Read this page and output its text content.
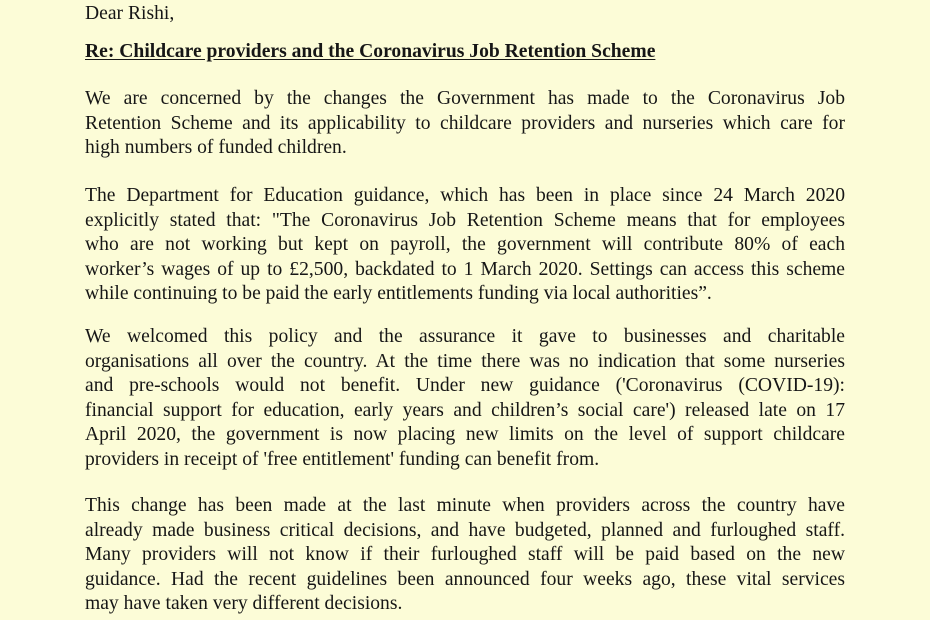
Dear Rishi,
Re: Childcare providers and the Coronavirus Job Retention Scheme

We are concerned by the changes the Government has made to the Coronavirus Job
Retention Scheme and its applicability to childcare providers and nurseries which care for
high numbers of funded children.

The Department for Education guidance, which has been in place since 24 March 2020
explicitly stated that: "The Coronavirus Job Retention Scheme means that for employees
who are not working but kept on payroll, the government will contribute 80% of each
worker’s wages of up to £2,500, backdated to 1 March 2020. Settings can access this scheme
while continuing to be paid the early entitlements funding via local authorities”.

We welcomed this policy and the assurance it gave to businesses and charitable
organisations all over the country. At the time there was no indication that some nurseries
and pre-schools would not benefit. Under new guidance ('Coronavirus (COVID-19):
financial support for education, early years and children’s social care') released late on 17
April 2020, the government is now placing new limits on the level of support childcare
providers in receipt of 'free entitlement' funding can benefit from.

This change has been made at the last minute when providers across the country have
already made business critical decisions, and have budgeted, planned and furloughed staff.
Many providers will not know if their furloughed staff will be paid based on the new
guidance. Had the recent guidelines been announced four weeks ago, these vital services
may have taken very different decisions.
